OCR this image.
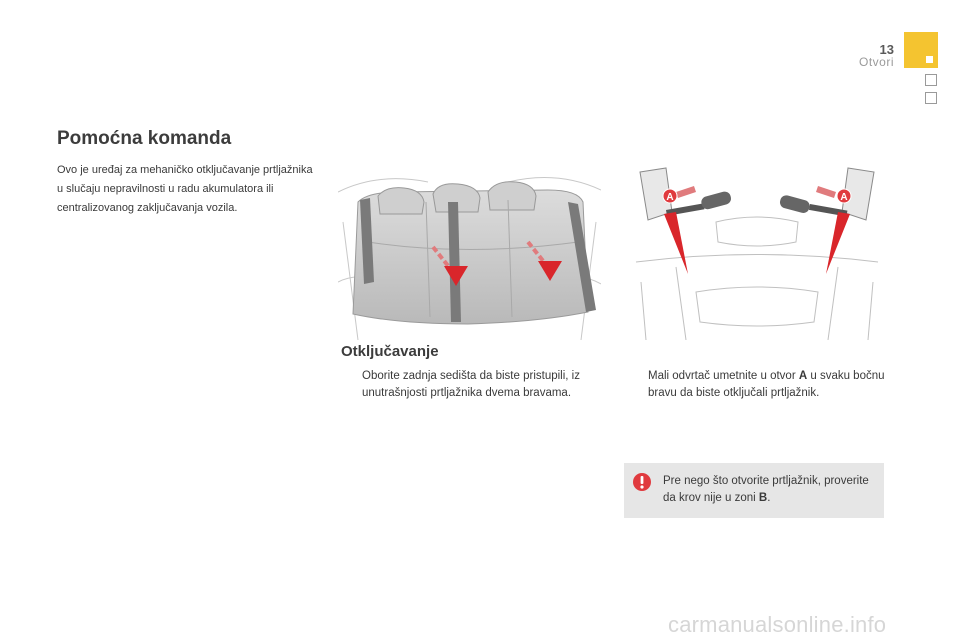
13
Otvori
Pomoćna komanda

Ovo je uređaj za mehaničko otključavanje prtljažnika u slučaju nepravilnosti u radu akumulatora ili centralizovanog zaključavanja vozila.

A	A
Otključavanje
Oborite zadnja sedišta da biste pristupili, iz unutrašnjosti prtljažnika dvema bravama.
Mali odvrtač umetnite u otvor A u svaku bočnu bravu da biste otključali prtljažnik.

Pre nego što otvorite prtljažnik, proverite da krov nije u zoni B.

carmanualsonline.info
